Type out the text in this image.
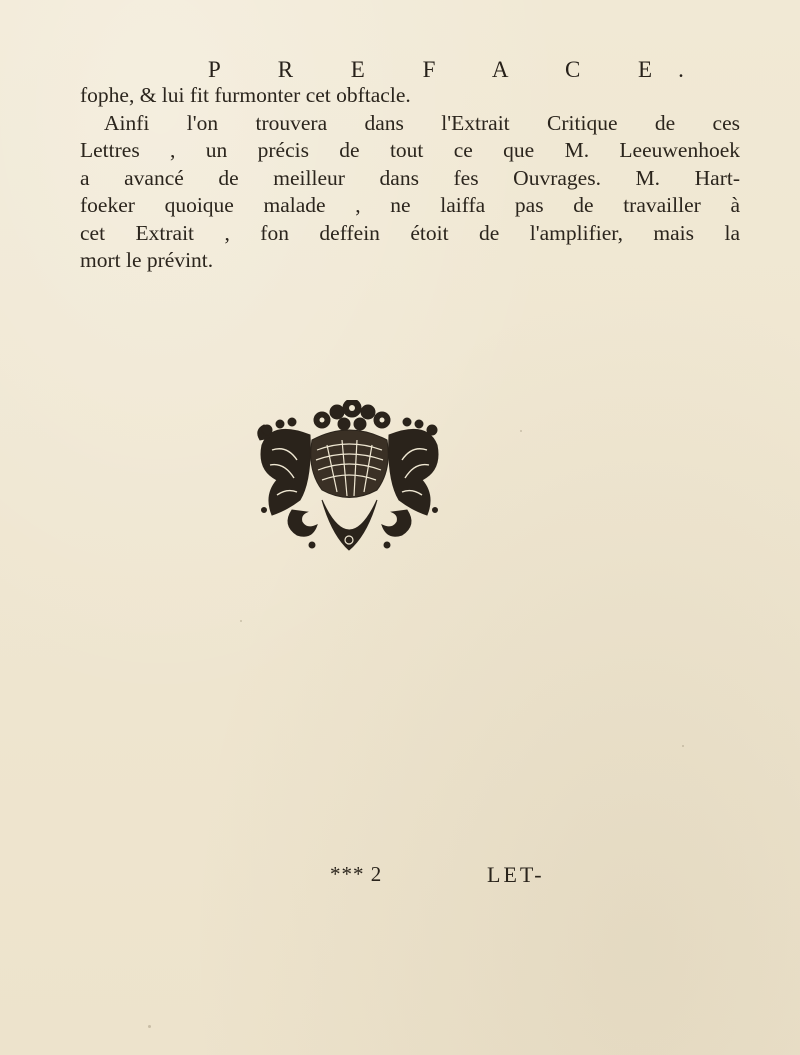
P R E F A C E.
fophe, & lui fit furmonter cet obftacle.
Ainfi l'on trouvera dans l'Extrait Critique de ces
Lettres , un précis de tout ce que M. Leeuwenhoek
a avancé de meilleur dans fes Ouvrages. M. Hart-
foeker quoique malade , ne laiffa pas de travailler à
cet Extrait , fon deffein étoit de l'amplifier, mais la
mort le prévint.
*** 2	LET-
